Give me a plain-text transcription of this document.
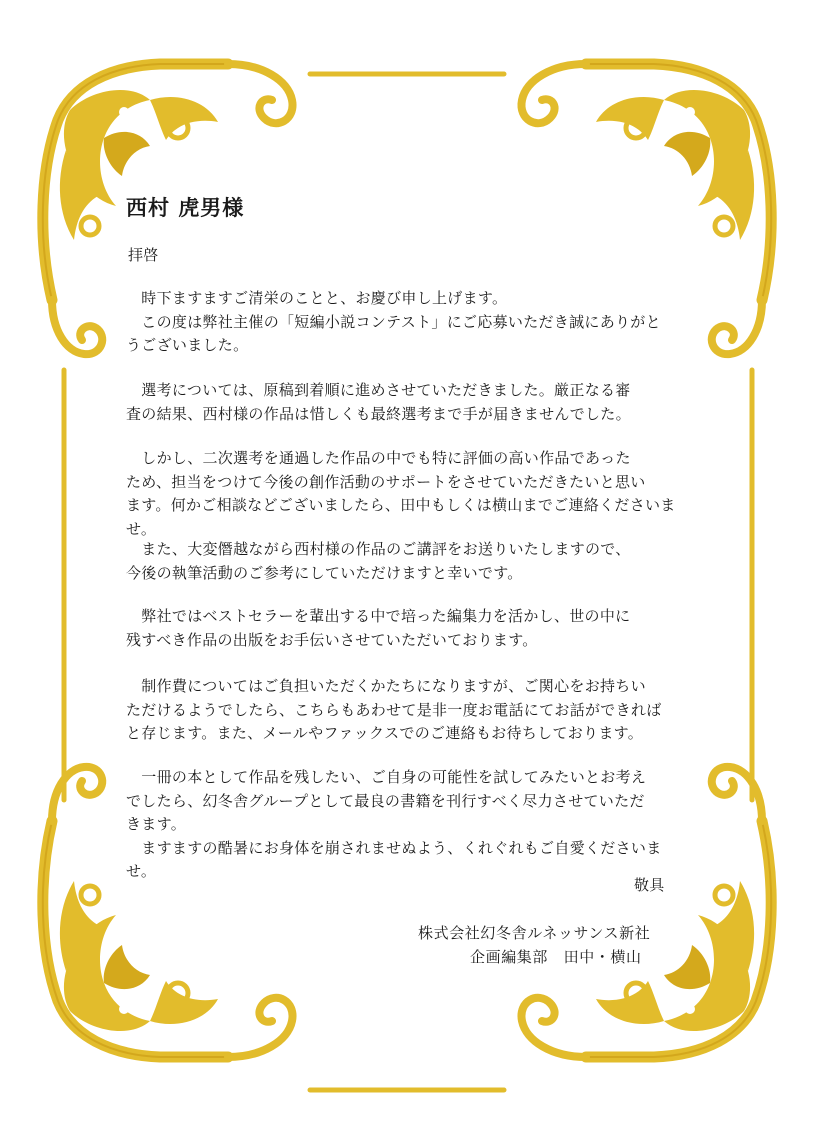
西村 虎男様
拝啓
　時下ますますご清栄のことと、お慶び申し上げます。
　この度は弊社主催の「短編小説コンテスト」にご応募いただき誠にありがと
うございました。
　選考については、原稿到着順に進めさせていただきました。厳正なる審
査の結果、西村様の作品は惜しくも最終選考まで手が届きませんでした。
　しかし、二次選考を通過した作品の中でも特に評価の高い作品であった
ため、担当をつけて今後の創作活動のサポートをさせていただきたいと思い
ます。何かご相談などございましたら、田中もしくは横山までご連絡くださいま
せ。
　また、大変僭越ながら西村様の作品のご講評をお送りいたしますので、
今後の執筆活動のご参考にしていただけますと幸いです。
　弊社ではベストセラーを輩出する中で培った編集力を活かし、世の中に
残すべき作品の出版をお手伝いさせていただいております。
　制作費についてはご負担いただくかたちになりますが、ご関心をお持ちい
ただけるようでしたら、こちらもあわせて是非一度お電話にてお話ができれば
と存じます。また、メールやファックスでのご連絡もお待ちしております。
　一冊の本として作品を残したい、ご自身の可能性を試してみたいとお考え
でしたら、幻冬舎グループとして最良の書籍を刊行すべく尽力させていただ
きます。
　ますますの酷暑にお身体を崩されませぬよう、くれぐれもご自愛くださいま
せ。
敬具
株式会社幻冬舎ルネッサンス新社
企画編集部　田中・横山
